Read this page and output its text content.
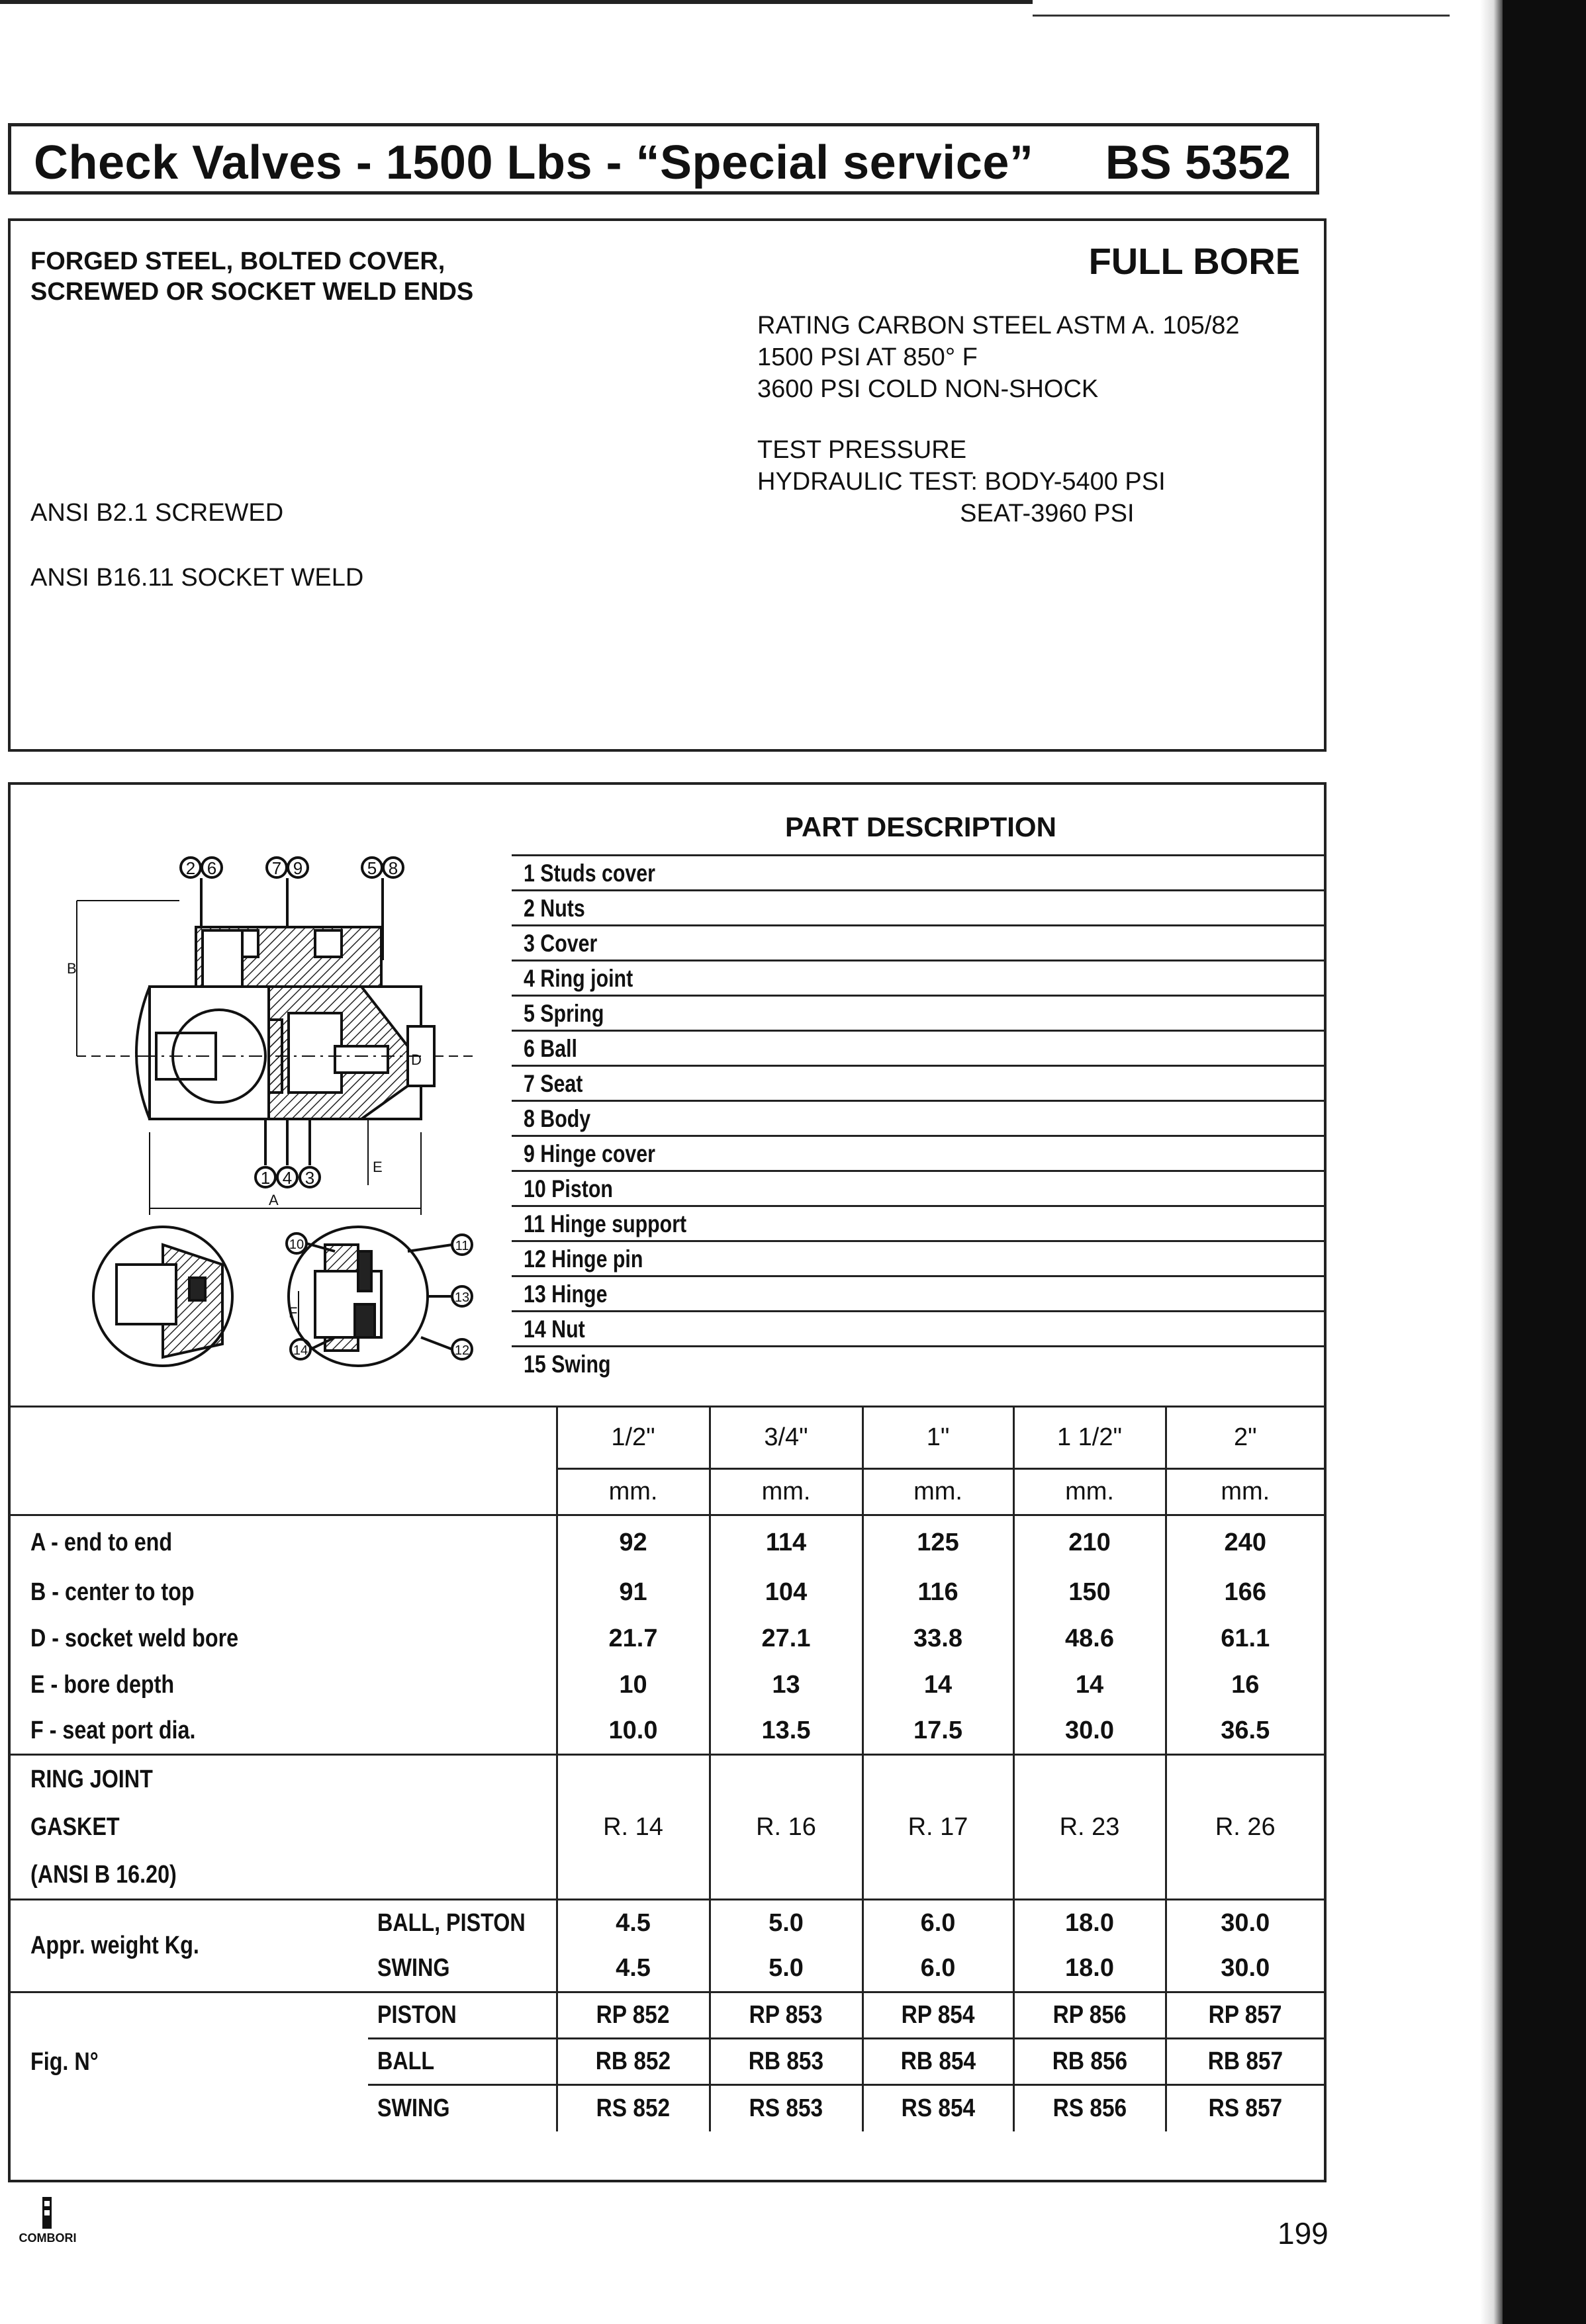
Check Valves - 1500 Lbs - “Special service” BS 5352
FORGED STEEL, BOLTED COVER,
SCREWED OR SOCKET WELD ENDS
FULL BORE
RATING CARBON STEEL ASTM A. 105/82
1500 PSI AT 850° F
3600 PSI COLD NON-SHOCK
TEST PRESSURE
HYDRAULIC TEST: BODY-5400 PSI
SEAT-3960 PSI
ANSI B2.1 SCREWED
ANSI B16.11 SOCKET WELD
PART DESCRIPTION
1 Studs cover
2 Nuts
3 Cover
4 Ring joint
5 Spring
6 Ball
7 Seat
8 Body
9 Hinge cover
10 Piston
11 Hinge support
12 Hinge pin
13 Hinge
14 Nut
15 Swing
2 6	7 9	5 8
B
D
1 4 3
E
A
F
10	11
13
14	12
		1/2"	3/4"	1"	1 1/2"	2"
		mm.	mm.	mm.	mm.	mm.
A - end to end		92	114	125	210	240
B - center to top		91	104	116	150	166
D - socket weld bore		21.7	27.1	33.8	48.6	61.1
E - bore depth		10	13	14	14	16
F - seat port dia.		10.0	13.5	17.5	30.0	36.5
RING JOINT
GASKET
(ANSI B 16.20)		R. 14	R. 16	R. 17	R. 23	R. 26
Appr. weight Kg.	BALL, PISTON	4.5	5.0	6.0	18.0	30.0
	SWING	4.5	5.0	6.0	18.0	30.0
Fig. N°	PISTON	RP 852	RP 853	RP 854	RP 856	RP 857
	BALL	RB 852	RB 853	RB 854	RB 856	RB 857
	SWING	RS 852	RS 853	RS 854	RS 856	RS 857
COMBORI	199
